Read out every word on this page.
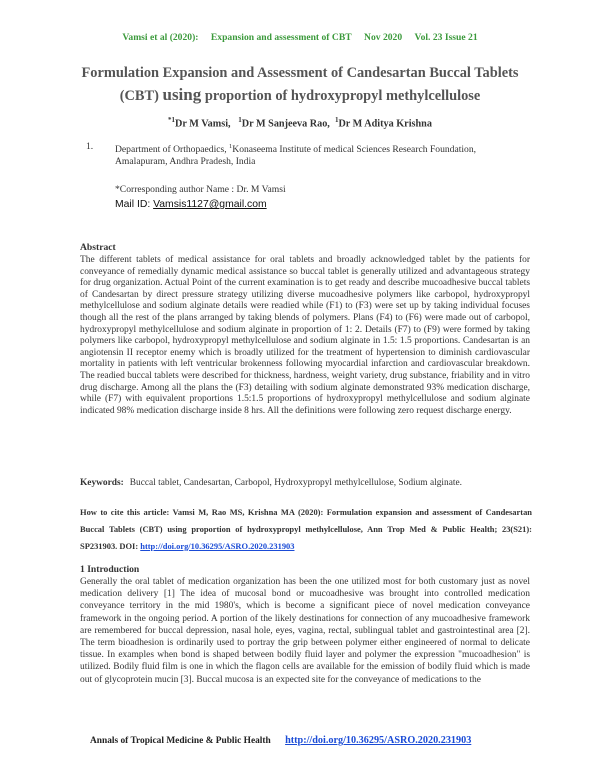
Vamsi et al (2020): Expansion and assessment of CBT Nov 2020 Vol. 23 Issue 21
Formulation Expansion and Assessment of Candesartan Buccal Tablets
(CBT) using proportion of hydroxypropyl methylcellulose
$^{*1}$Dr M Vamsi, $^1$Dr M Sanjeeva Rao, $^1$Dr M Aditya Krishna
1. Department of Orthopaedics, $^1$Konaseema Institute of medical Sciences Research Foundation, Amalapuram, Andhra Pradesh, India
*Corresponding author Name : Dr. M Vamsi
Mail ID: Vamsis1127@gmail.com
Abstract

The different tablets of medical assistance for oral tablets and broadly acknowledged tablet by the patients for conveyance of remedially dynamic medical assistance so buccal tablet is generally utilized and advantageous strategy for drug organization. Actual Point of the current examination is to get ready and describe mucoadhesive buccal tablets of Candesartan by direct pressure strategy utilizing diverse mucoadhesive polymers like carbopol, hydroxypropyl methylcellulose and sodium alginate details were readied while (F1) to (F3) were set up by taking individual focuses though all the rest of the plans arranged by taking blends of polymers. Plans (F4) to (F6) were made out of carbopol, hydroxypropyl methylcellulose and sodium alginate in proportion of 1: 2. Details (F7) to (F9) were formed by taking polymers like carbopol, hydroxypropyl methylcellulose and sodium alginate in 1.5: 1.5 proportions. Candesartan is an angiotensin II receptor enemy which is broadly utilized for the treatment of hypertension to diminish cardiovascular mortality in patients with left ventricular brokenness following myocardial infarction and cardiovascular breakdown. The readied buccal tablets were described for thickness, hardness, weight variety, drug substance, friability and in vitro drug discharge. Among all the plans the (F3) detailing with sodium alginate demonstrated 93% medication discharge, while (F7) with equivalent proportions 1.5:1.5 proportions of hydroxypropyl methylcellulose and sodium alginate indicated 98% medication discharge inside 8 hrs. All the definitions were following zero request discharge energy.

Keywords: Buccal tablet, Candesartan, Carbopol, Hydroxypropyl methylcellulose, Sodium alginate.
How to cite this article: Vamsi M, Rao MS, Krishna MA (2020): Formulation expansion and assessment of Candesartan Buccal Tablets (CBT) using proportion of hydroxypropyl methylcellulose, Ann Trop Med & Public Health; 23(S21): SP231903. DOI: http://doi.org/10.36295/ASRO.2020.231903
1 Introduction

Generally the oral tablet of medication organization has been the one utilized most for both customary just as novel medication delivery [1] The idea of mucosal bond or mucoadhesive was brought into controlled medication conveyance territory in the mid 1980's, which is become a significant piece of novel medication conveyance framework in the ongoing period. A portion of the likely destinations for connection of any mucoadhesive framework are remembered for buccal depression, nasal hole, eyes, vagina, rectal, sublingual tablet and gastrointestinal area [2]. The term bioadhesion is ordinarily used to portray the grip between polymer either engineered of normal to delicate tissue. In examples when bond is shaped between bodily fluid layer and polymer the expression "mucoadhesion" is utilized. Bodily fluid film is one in which the flagon cells are available for the emission of bodily fluid which is made out of glycoprotein mucin [3]. Buccal mucosa is an expected site for the conveyance of medications to the

Annals of Tropical Medicine & Public Health http://doi.org/10.36295/ASRO.2020.231903
